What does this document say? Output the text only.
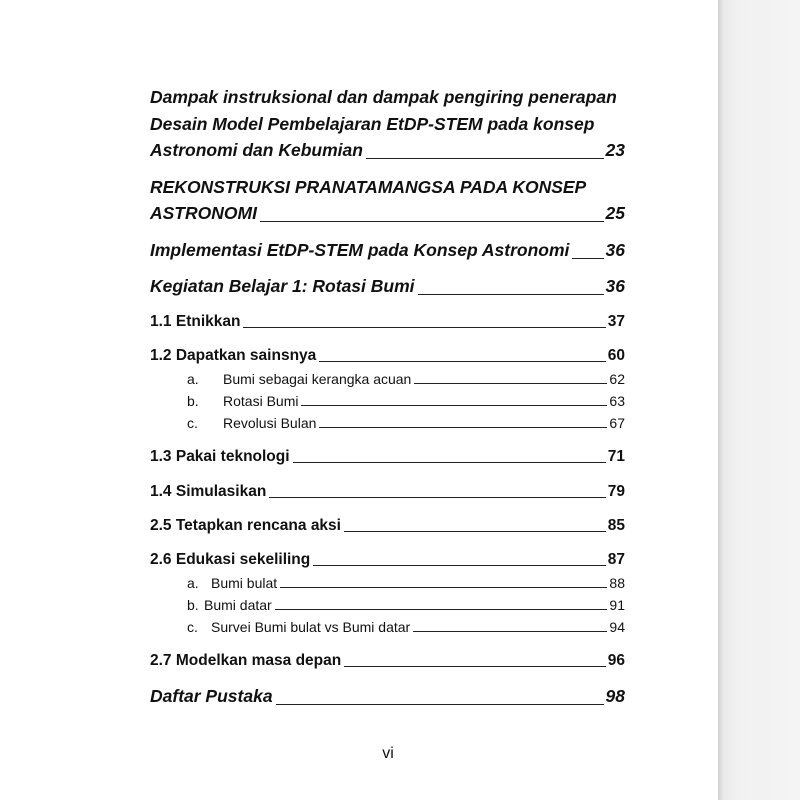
Dampak instruksional dan dampak pengiring penerapan
Desain Model Pembelajaran EtDP-STEM pada konsep
Astronomi dan Kebumian	23
REKONSTRUKSI PRANATAMANGSA PADA KONSEP
ASTRONOMI	25
Implementasi EtDP-STEM pada Konsep Astronomi 36
Kegiatan Belajar 1: Rotasi Bumi	36
1.1 Etnikkan	37
1.2 Dapatkan sainsnya	60
a.	Bumi sebagai kerangka acuan	62
b.	Rotasi Bumi	63
c.	Revolusi Bulan	67
1.3 Pakai teknologi	71
1.4 Simulasikan	79
2.5 Tetapkan rencana aksi	85
2.6 Edukasi sekeliling	87
a. Bumi bulat	88
b. Bumi datar	91
c. Survei Bumi bulat vs Bumi datar	94
2.7 Modelkan masa depan	96
Daftar Pustaka	98
vi
